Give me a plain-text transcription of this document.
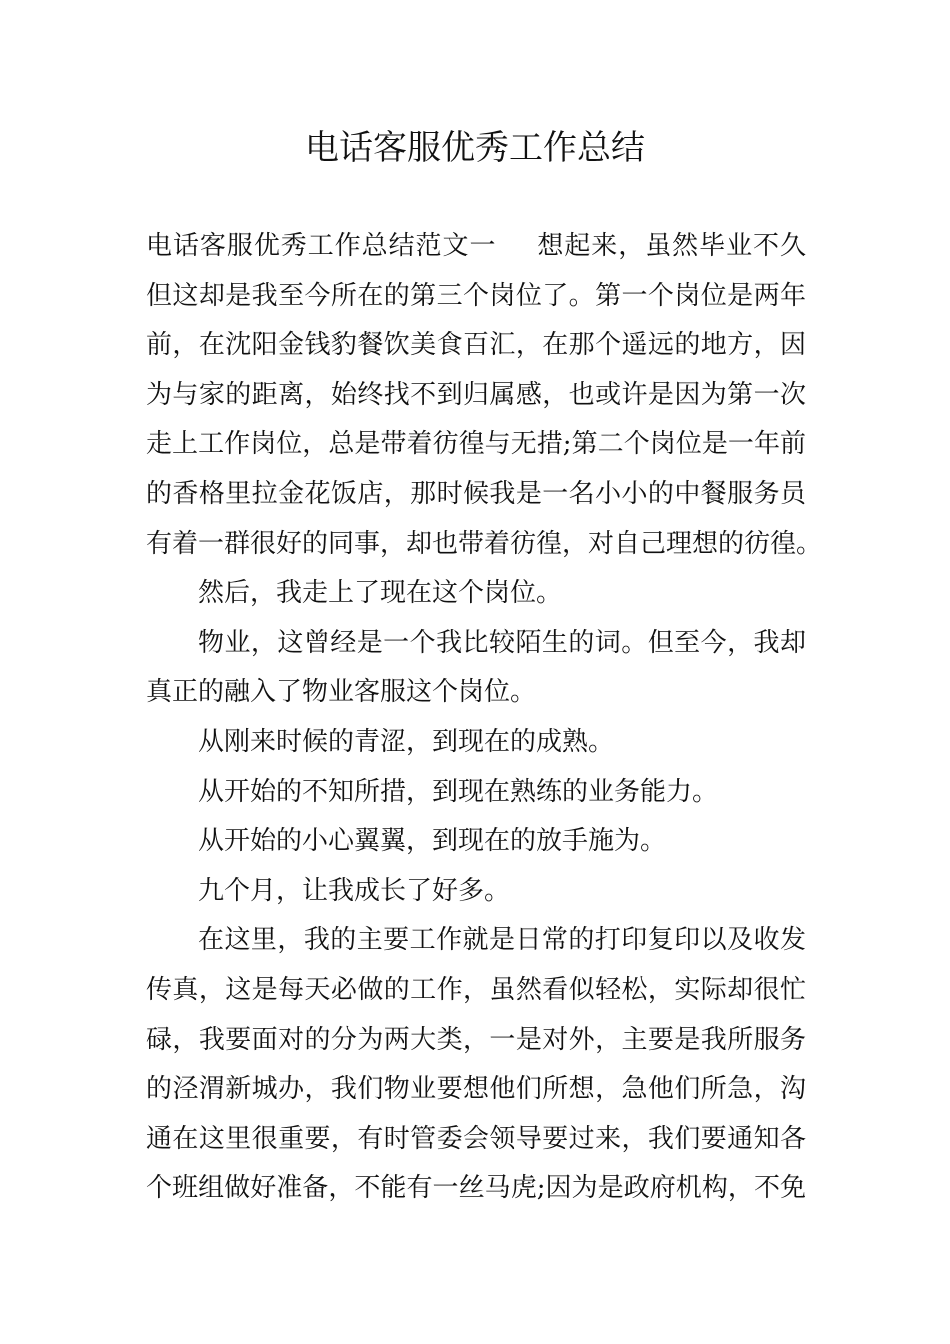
电话客服优秀工作总结
电话客服优秀工作总结范文一 想起来，虽然毕业不久
但这却是我至今所在的第三个岗位了。第一个岗位是两年
前，在沈阳金钱豹餐饮美食百汇，在那个遥远的地方，因
为与家的距离，始终找不到归属感，也或许是因为第一次
走上工作岗位，总是带着彷徨与无措;第二个岗位是一年前
的香格里拉金花饭店，那时候我是一名小小的中餐服务员
有着一群很好的同事，却也带着彷徨，对自己理想的彷徨。
然后，我走上了现在这个岗位。
物业，这曾经是一个我比较陌生的词。但至今，我却
真正的融入了物业客服这个岗位。
从刚来时候的青涩，到现在的成熟。
从开始的不知所措，到现在熟练的业务能力。
从开始的小心翼翼，到现在的放手施为。
九个月，让我成长了好多。
在这里，我的主要工作就是日常的打印复印以及收发
传真，这是每天必做的工作，虽然看似轻松，实际却很忙
碌，我要面对的分为两大类，一是对外，主要是我所服务
的泾渭新城办，我们物业要想他们所想，急他们所急，沟
通在这里很重要，有时管委会领导要过来，我们要通知各
个班组做好准备，不能有一丝马虎;因为是政府机构，不免
